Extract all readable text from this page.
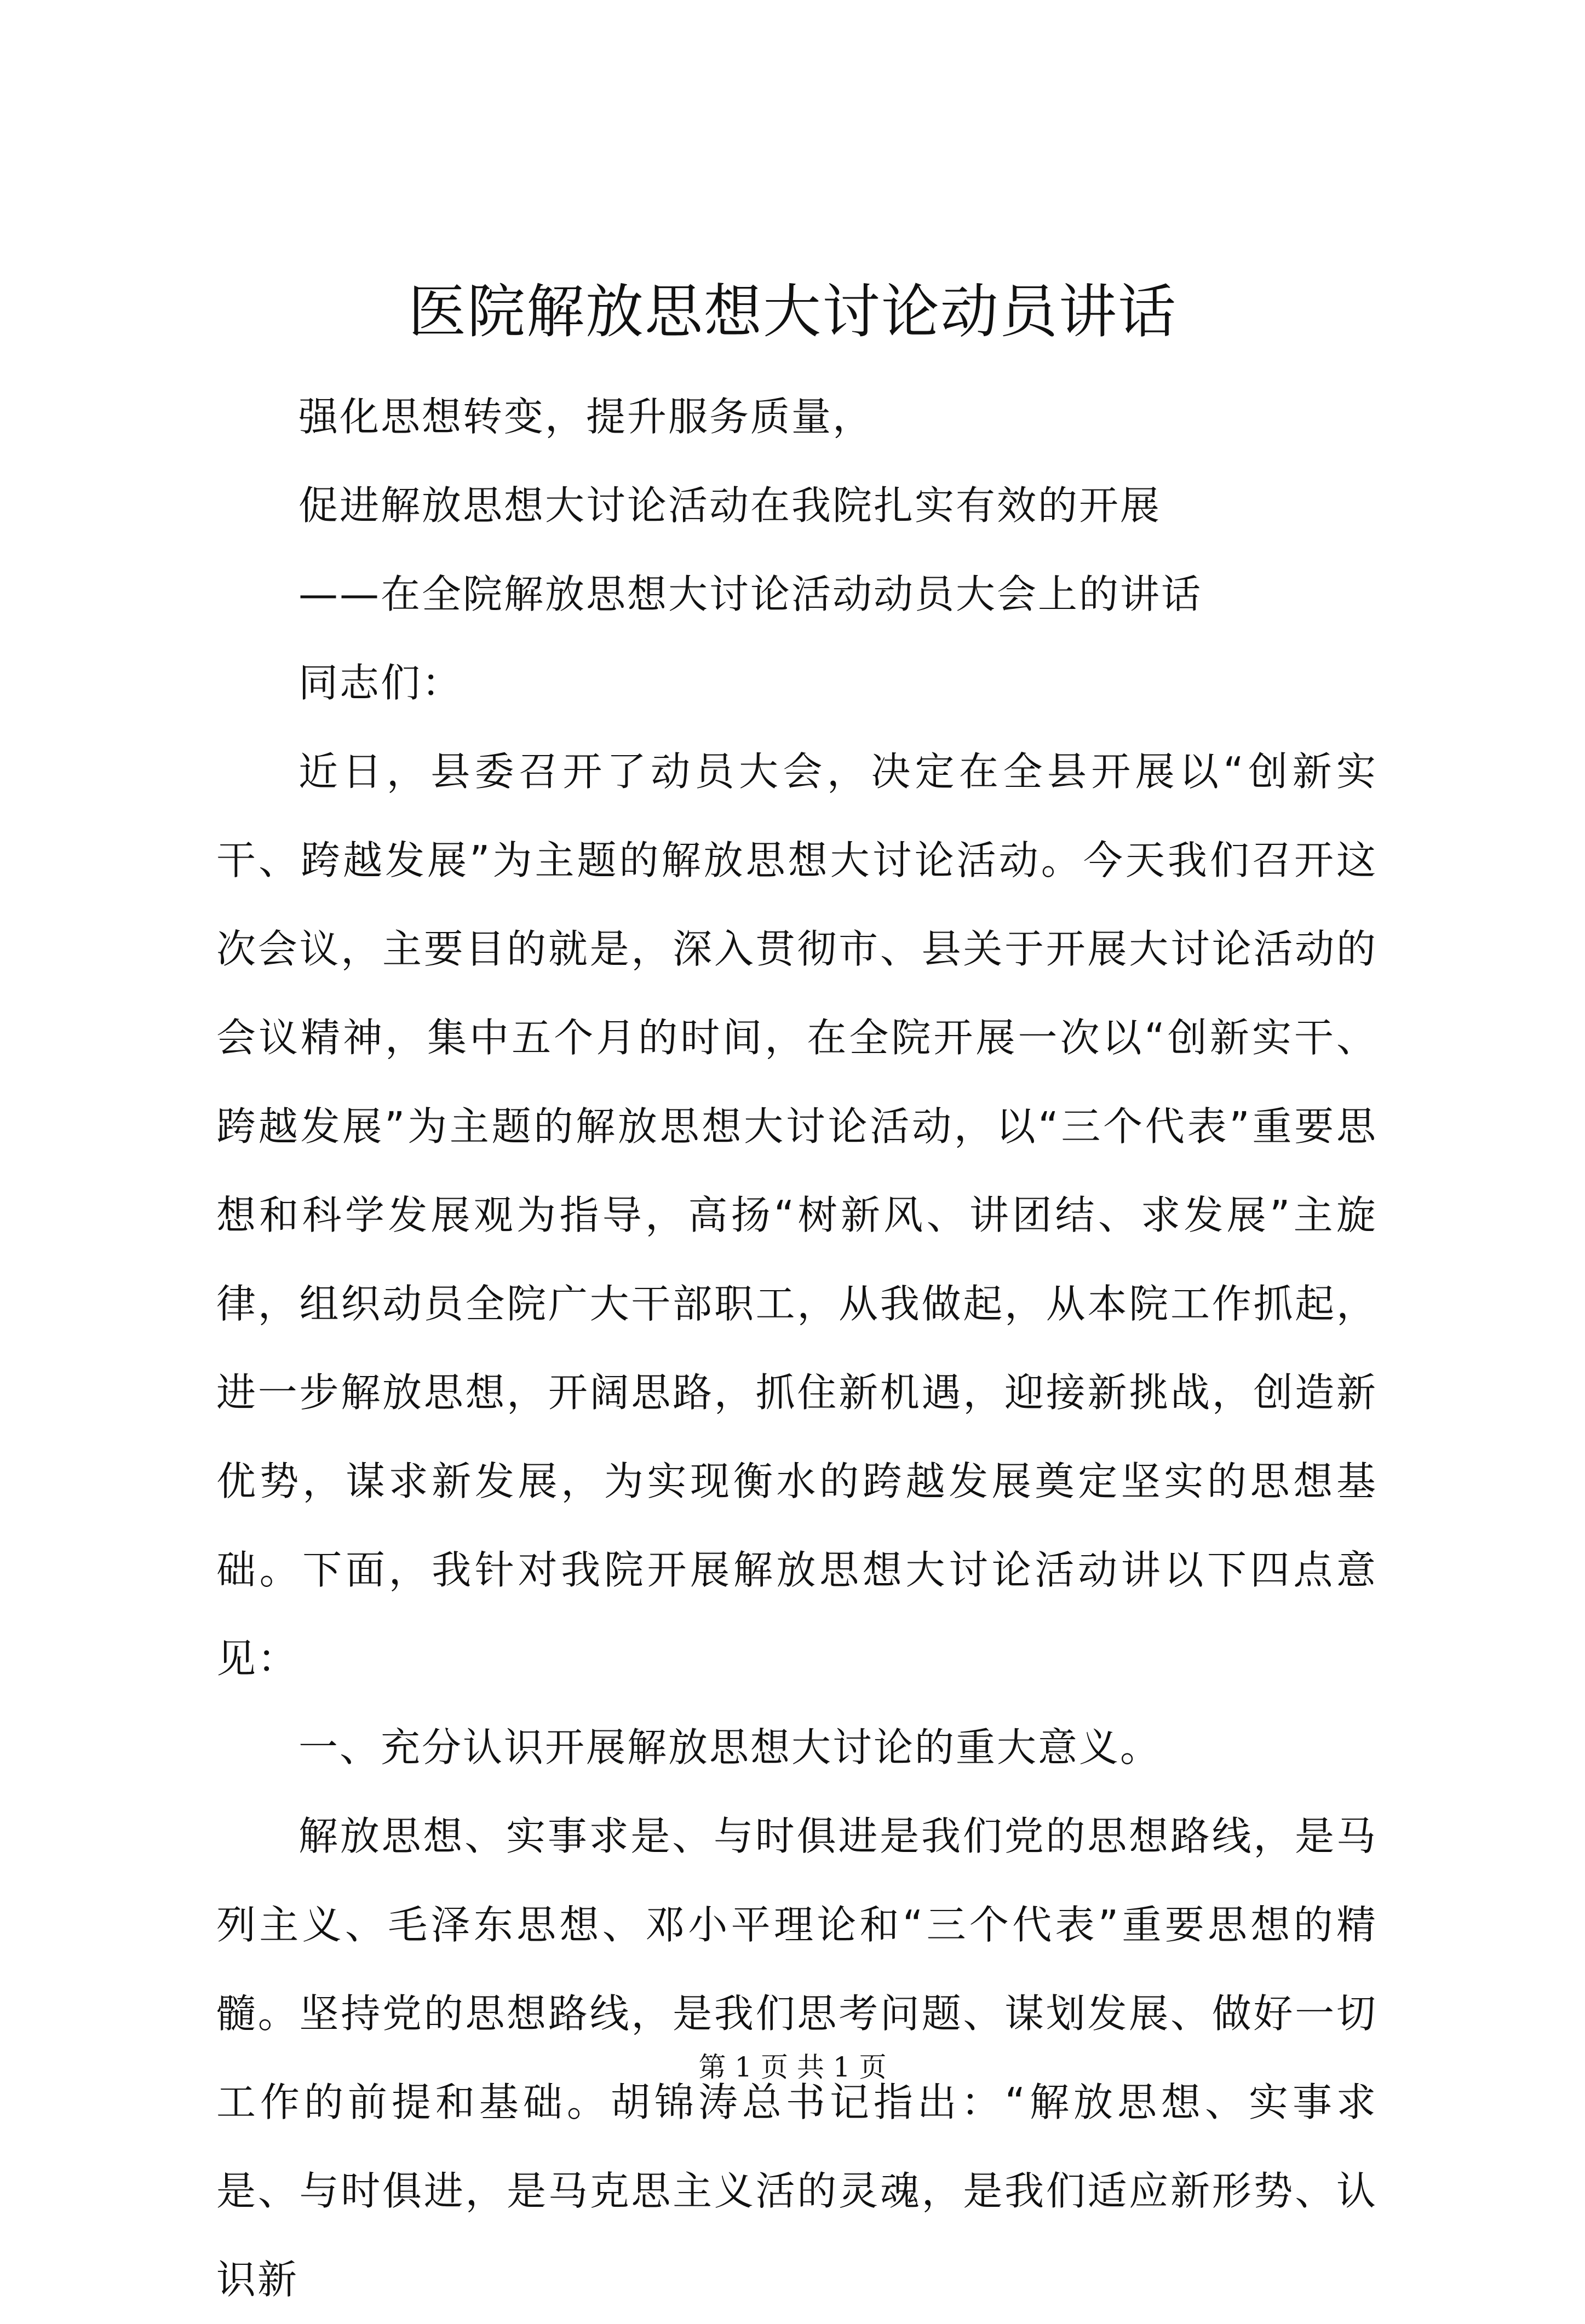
医院解放思想大讨论动员讲话
强化思想转变，提升服务质量，
促进解放思想大讨论活动在我院扎实有效的开展
——在全院解放思想大讨论活动动员大会上的讲话
同志们：
近日，县委召开了动员大会，决定在全县开展以“创新实干、跨越发展”为主题的解放思想大讨论活动。今天我们召开这次会议，主要目的就是，深入贯彻市、县关于开展大讨论活动的会议精神，集中五个月的时间，在全院开展一次以“创新实干、跨越发展”为主题的解放思想大讨论活动，以“三个代表”重要思想和科学发展观为指导，高扬“树新风、讲团结、求发展”主旋律，组织动员全院广大干部职工，从我做起，从本院工作抓起，进一步解放思想，开阔思路，抓住新机遇，迎接新挑战，创造新优势，谋求新发展，为实现衡水的跨越发展奠定坚实的思想基础。下面，我针对我院开展解放思想大讨论活动讲以下四点意见：
一、充分认识开展解放思想大讨论的重大意义。
解放思想、实事求是、与时俱进是我们党的思想路线，是马列主义、毛泽东思想、邓小平理论和“三个代表”重要思想的精髓。坚持党的思想路线，是我们思考问题、谋划发展、做好一切工作的前提和基础。胡锦涛总书记指出：“解放思想、实事求是、与时俱进，是马克思主义活的灵魂，是我们适应新形势、认识新
第 1 页 共 1 页
